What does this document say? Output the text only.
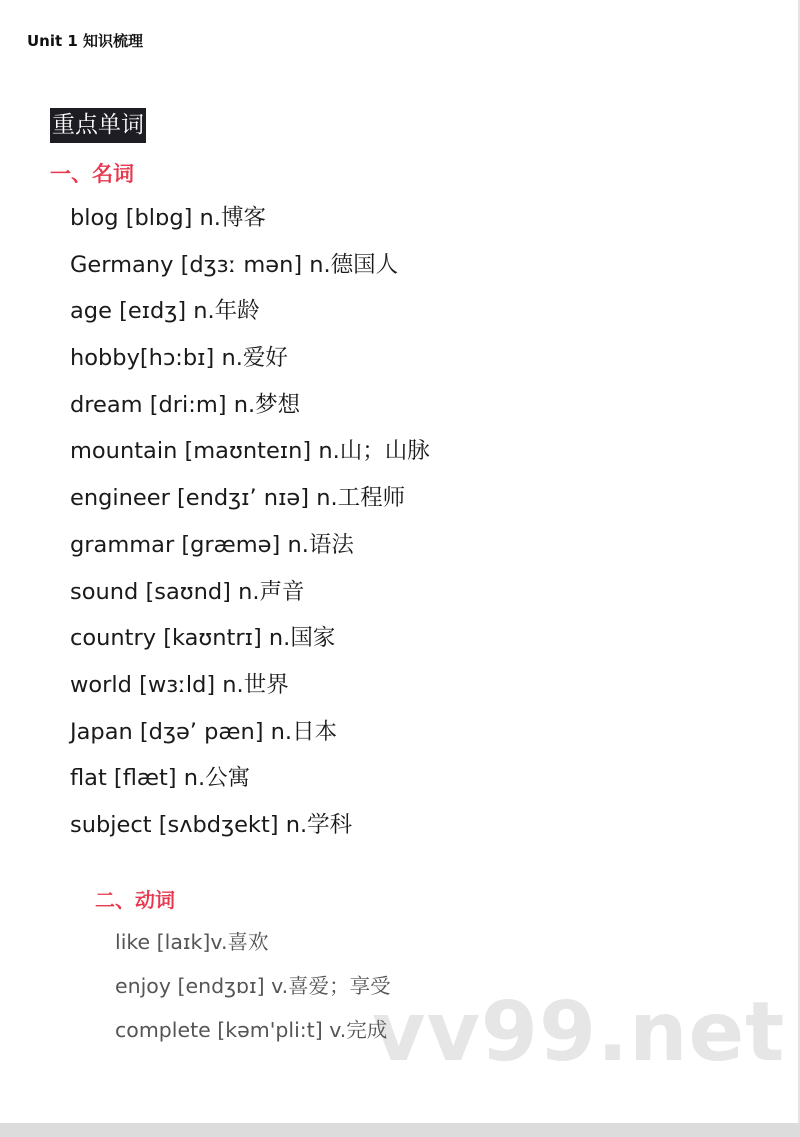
Unit 1 知识梳理
重点单词
一、名词
blog [blɒg] n.博客
Germany [dʒɜː mən] n.德国人
age [eɪdʒ] n.年龄
hobby[hɔ:bɪ] n.爱好
dream [dri:m] n.梦想
mountain [maʊnteɪn] n.山；山脉
engineer [endʒɪ’ nɪə] n.工程师
grammar [græmə] n.语法
sound [saʊnd] n.声音
country [kaʊntrɪ] n.国家
world [wɜːld] n.世界
Japan [dʒə’ pæn] n.日本
flat [flæt] n.公寓
subject [sʌbdʒekt] n.学科
二、动词
vv99.net
like [laɪk]v.喜欢
enjoy [endʒɒɪ] v.喜爱；享受
complete [kəm'pli:t] v.完成
